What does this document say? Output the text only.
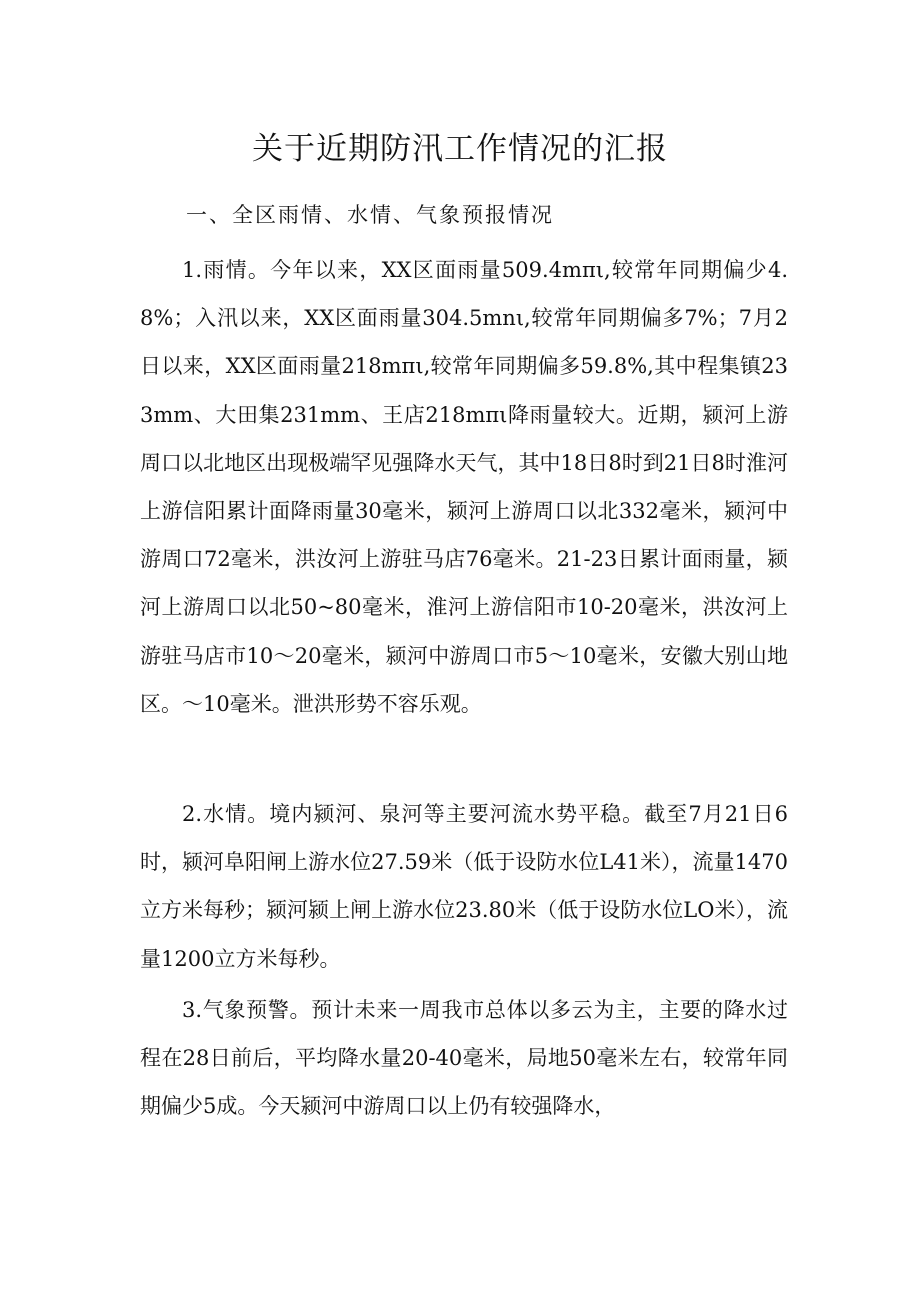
关于近期防汛工作情况的汇报

一、全区雨情、水情、气象预报情况

1.雨情。今年以来，XX区面雨量509.4mπι,较常年同期偏少4.8%；入汛以来，XX区面雨量304.5mnι,较常年同期偏多7%；7月2日以来，XX区面雨量218mπι,较常年同期偏多59.8%,其中程集镇233mm、大田集231mm、王店218mπι降雨量较大。近期，颍河上游周口以北地区出现极端罕见强降水天气，其中18日8时到21日8时淮河上游信阳累计面降雨量30毫米，颍河上游周口以北332毫米，颍河中游周口72毫米，洪汝河上游驻马店76毫米。21-23日累计面雨量，颍河上游周口以北50~80毫米，淮河上游信阳市10-20毫米，洪汝河上游驻马店市10～20毫米，颍河中游周口市5～10毫米，安徽大别山地区。～10毫米。泄洪形势不容乐观。

2.水情。境内颍河、泉河等主要河流水势平稳。截至7月21日6时，颍河阜阳闸上游水位27.59米（低于设防水位L41米），流量1470立方米每秒；颍河颍上闸上游水位23.80米（低于设防水位LO米），流量1200立方米每秒。

3.气象预警。预计未来一周我市总体以多云为主，主要的降水过程在28日前后，平均降水量20-40毫米，局地50毫米左右，较常年同期偏少5成。今天颍河中游周口以上仍有较强降水，
